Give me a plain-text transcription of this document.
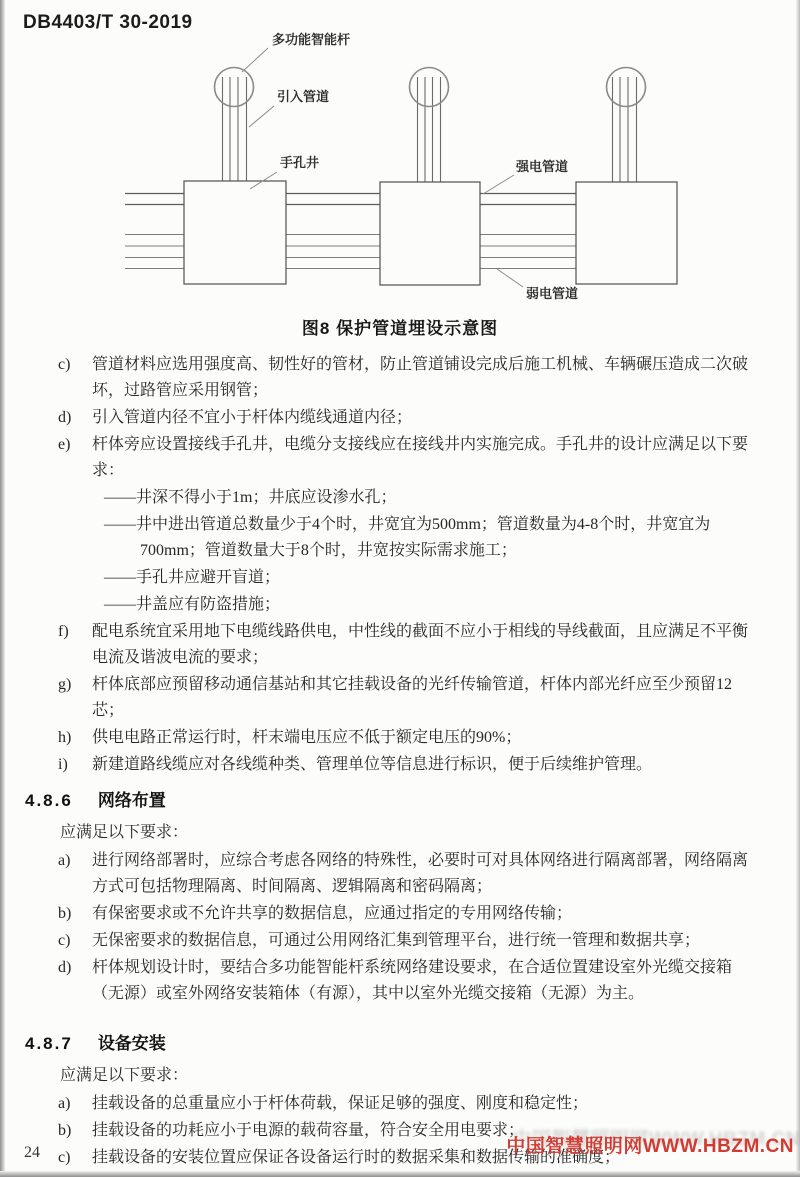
DB4403/T 30-2019
多功能智能杆
引入管道
手孔井	强电管道
弱电管道
图8 保护管道埋设示意图
c) 管道材料应选用强度高、韧性好的管材，防止管道铺设完成后施工机械、车辆碾压造成二次破坏，过路管应采用钢管；
d) 引入管道内径不宜小于杆体内缆线通道内径；
e) 杆体旁应设置接线手孔井，电缆分支接线应在接线井内实施完成。手孔井的设计应满足以下要求：
——井深不得小于1m；井底应设渗水孔；
——井中进出管道总数量少于4个时，井宽宜为500mm；管道数量为4-8个时，井宽宜为700mm；管道数量大于8个时，井宽按实际需求施工；
——手孔井应避开盲道；
——井盖应有防盗措施；
f) 配电系统宜采用地下电缆线路供电，中性线的截面不应小于相线的导线截面，且应满足不平衡电流及谐波电流的要求；
g) 杆体底部应预留移动通信基站和其它挂载设备的光纤传输管道，杆体内部光纤应至少预留12芯；
h) 供电电路正常运行时，杆末端电压应不低于额定电压的90%；
i) 新建道路线缆应对各线缆种类、管理单位等信息进行标识，便于后续维护管理。
4.8.6 网络布置
应满足以下要求：
a) 进行网络部署时，应综合考虑各网络的特殊性，必要时可对具体网络进行隔离部署，网络隔离方式可包括物理隔离、时间隔离、逻辑隔离和密码隔离；
b) 有保密要求或不允许共享的数据信息，应通过指定的专用网络传输；
c) 无保密要求的数据信息，可通过公用网络汇集到管理平台，进行统一管理和数据共享；
d) 杆体规划设计时，要结合多功能智能杆系统网络建设要求，在合适位置建设室外光缆交接箱（无源）或室外网络安装箱体（有源），其中以室外光缆交接箱（无源）为主。
4.8.7 设备安装
应满足以下要求：
a) 挂载设备的总重量应小于杆体荷载，保证足够的强度、刚度和稳定性；
b) 挂载设备的功耗应小于电源的载荷容量，符合安全用电要求；
c) 挂载设备的安装位置应保证各设备运行时的数据采集和数据传输的准确度；
24	中国智慧照明网WWW.HBZM.CN
